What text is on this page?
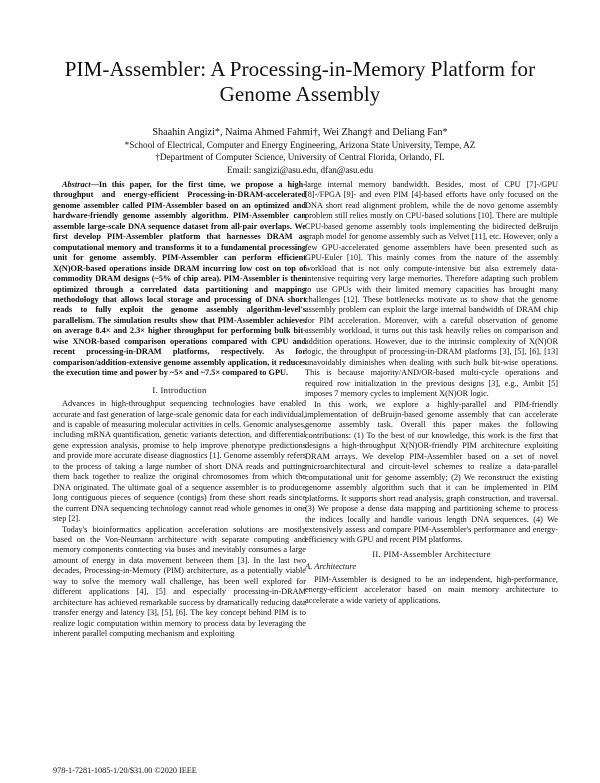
PIM-Assembler: A Processing-in-Memory Platform for Genome Assembly
Shaahin Angizi*, Naima Ahmed Fahmi†, Wei Zhang† and Deliang Fan*
*School of Electrical, Computer and Energy Engineering, Arizona State University, Tempe, AZ
†Department of Computer Science, University of Central Florida, Orlando, FL

Abstract—In this paper, for the first time, we propose a high-throughput and energy-efficient Processing-in-DRAM-accelerated genome assembler called PIM-Assembler based on an optimized and hardware-friendly genome assembly algorithm. PIM-Assembler can assemble large-scale DNA sequence dataset from all-pair overlaps. We first develop PIM-Assembler platform that harnesses DRAM as computational memory and transforms it to a fundamental processing unit for genome assembly. PIM-Assembler can perform efficient X(N)OR-based operations inside DRAM incurring low cost on top of commodity DRAM designs (~5% of chip area). PIM-Assembler is then optimized through a correlated data partitioning and mapping methodology that allows local storage and processing of DNA short reads to fully exploit the genome assembly algorithm-level's parallelism. The simulation results show that PIM-Assembler achieves on average 8.4× and 2.3× higher throughput for performing bulk bit-wise XNOR-based comparison operations compared with CPU and recent processing-in-DRAM platforms, respectively. As for comparison/addition-extensive genome assembly application, it reduces the execution time and power by ~5× and ~7.5× compared to GPU.

I. Introduction

Advances in high-throughput sequencing technologies have enabled accurate and fast generation of large-scale genomic data for each individual, and is capable of measuring molecular activities in cells. Genomic analyses, including mRNA quantification, genetic variants detection, and differential gene expression analysis, promise to help improve phenotype predictions and provide more accurate disease diagnostics [1]. Genome assembly refers to the process of taking a large number of short DNA reads and putting them back together to realize the original chromosomes from which the DNA originated. The ultimate goal of a sequence assembler is to produce long contiguous pieces of sequence (contigs) from these short reads since the current DNA sequencing technology cannot read whole genomes in one step [2].

Today's bioinformatics application acceleration solutions are mostly based on the Von-Neumann architecture with separate computing and memory components connecting via buses and inevitably consumes a large amount of energy in data movement between them [3]. In the last two decades, Processing-in-Memory (PIM) architecture, as a potentially viable way to solve the memory wall challenge, has been well explored for different applications [4], [5] and especially processing-in-DRAM architecture has achieved remarkable success by dramatically reducing data transfer energy and latency [3], [5], [6]. The key concept behind PIM is to realize logic computation within memory to process data by leveraging the inherent parallel computing mechanism and exploiting

large internal memory bandwidth. Besides, most of CPU [7]-/GPU [8]-/FPGA [9]- and even PIM [4]-based efforts have only focused on the DNA short read alignment problem, while the de novo genome assembly problem still relies mostly on CPU-based solutions [10]. There are multiple CPU-based genome assembly tools implementing the bidirected deBruijn graph model for genome assembly such as Velvet [11], etc. However, only a few GPU-accelerated genome assemblers have been presented such as GPU-Euler [10]. This mainly comes from the nature of the assembly workload that is not only compute-intensive but also extremely data-intensive requiring very large memories. Therefore adapting such problem to use GPUs with their limited memory capacities has brought many challenges [12]. These bottlenecks motivate us to show that the genome assembly problem can exploit the large internal bandwidth of DRAM chip for PIM acceleration. Moreover, with a careful observation of genome assembly workload, it turns out this task heavily relies on comparison and addition operations. However, due to the intrinsic complexity of X(N)OR logic, the throughput of processing-in-DRAM platforms [3], [5], [6], [13] unavoidably diminishes when dealing with such bulk bit-wise operations. This is because majority/AND/OR-based multi-cycle operations and required row initialization in the previous designs [3], e.g., Ambit [5] imposes 7 memory cycles to implement X(N)OR logic.

In this work, we explore a highly-parallel and PIM-friendly implementation of deBruijn-based genome assembly that can accelerate genome assembly task. Overall this paper makes the following contributions: (1) To the best of our knowledge, this work is the first that designs a high-throughput X(N)OR-friendly PIM architecture exploiting DRAM arrays. We develop PIM-Assembler based on a set of novel microarchitectural and circuit-level schemes to realize a data-parallel computational unit for genome assembly; (2) We reconstruct the existing genome assembly algorithm such that it can be implemented in PIM platforms. It supports short read analysis, graph construction, and traversal. (3) We propose a dense data mapping and partitioning scheme to process the indices locally and handle various length DNA sequences. (4) We extensively assess and compare PIM-Assembler's performance and energy-efficiency with GPU and recent PIM platforms.

II. PIM-Assembler Architecture
A. Architecture

PIM-Assembler is designed to be an independent, high-performance, energy-efficient accelerator based on main memory architecture to accelerate a wide variety of applications.

Email: sangizi@asu.edu, dfan@asu.edu
978-1-7281-1085-1/20/$31.00 ©2020 IEEE
